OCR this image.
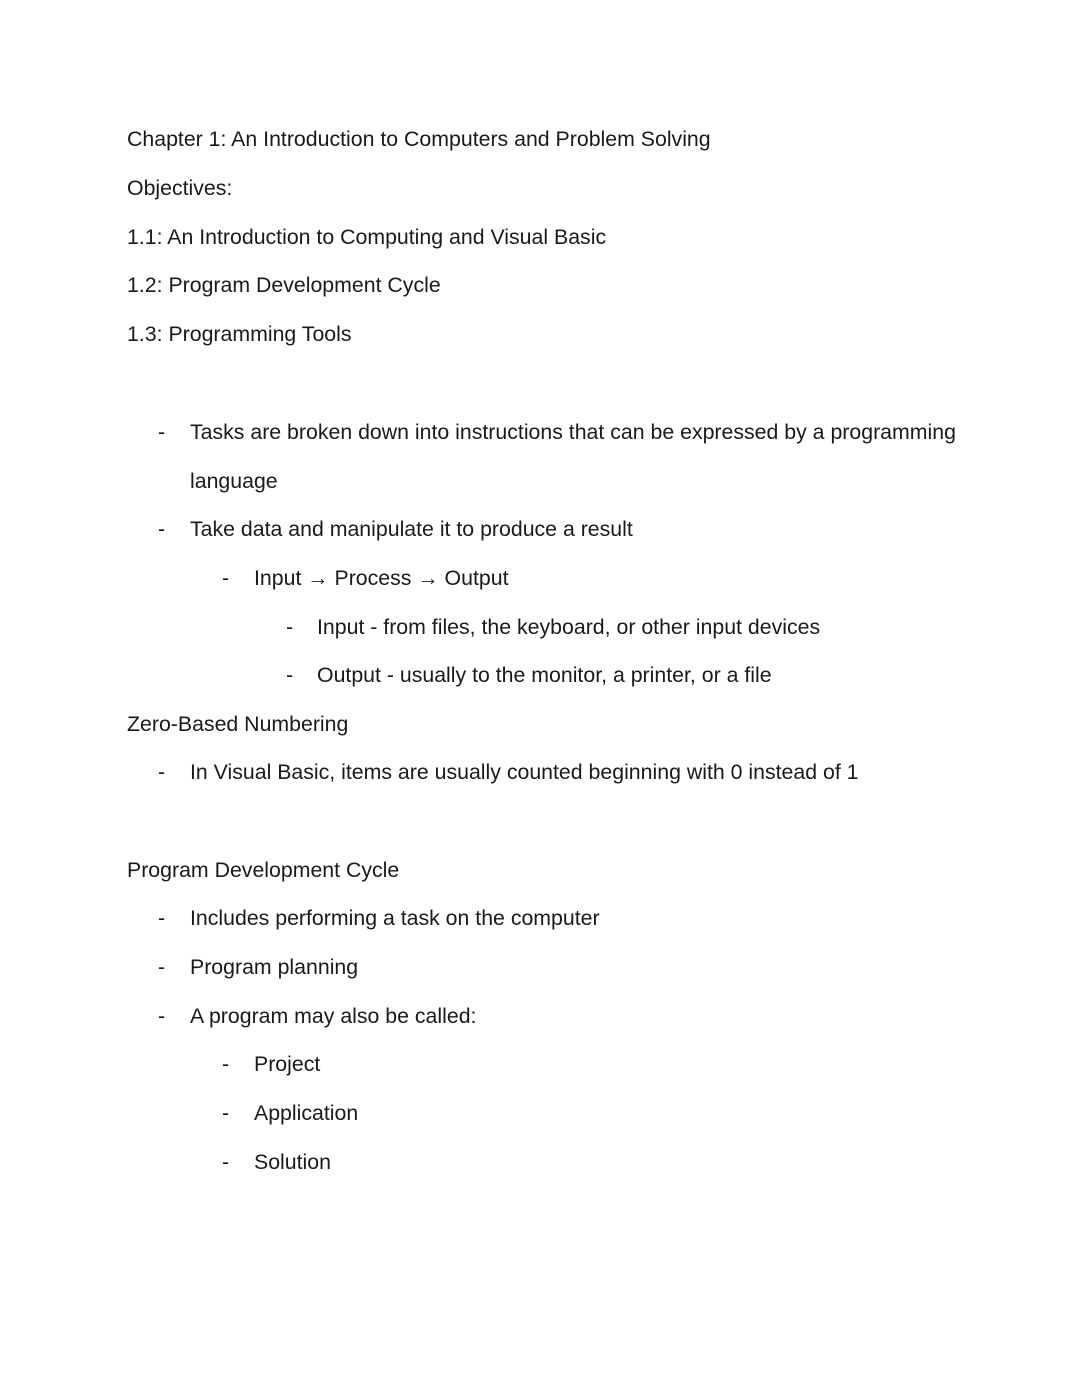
Chapter 1: An Introduction to Computers and Problem Solving
Objectives:
1.1: An Introduction to Computing and Visual Basic
1.2: Program Development Cycle
1.3: Programming Tools
- Tasks are broken down into instructions that can be expressed by a programming
language
- Take data and manipulate it to produce a result
- Input → Process → Output
- Input - from files, the keyboard, or other input devices
- Output - usually to the monitor, a printer, or a file
Zero-Based Numbering
- In Visual Basic, items are usually counted beginning with 0 instead of 1
Program Development Cycle
- Includes performing a task on the computer
- Program planning
- A program may also be called:
- Project
- Application
- Solution
